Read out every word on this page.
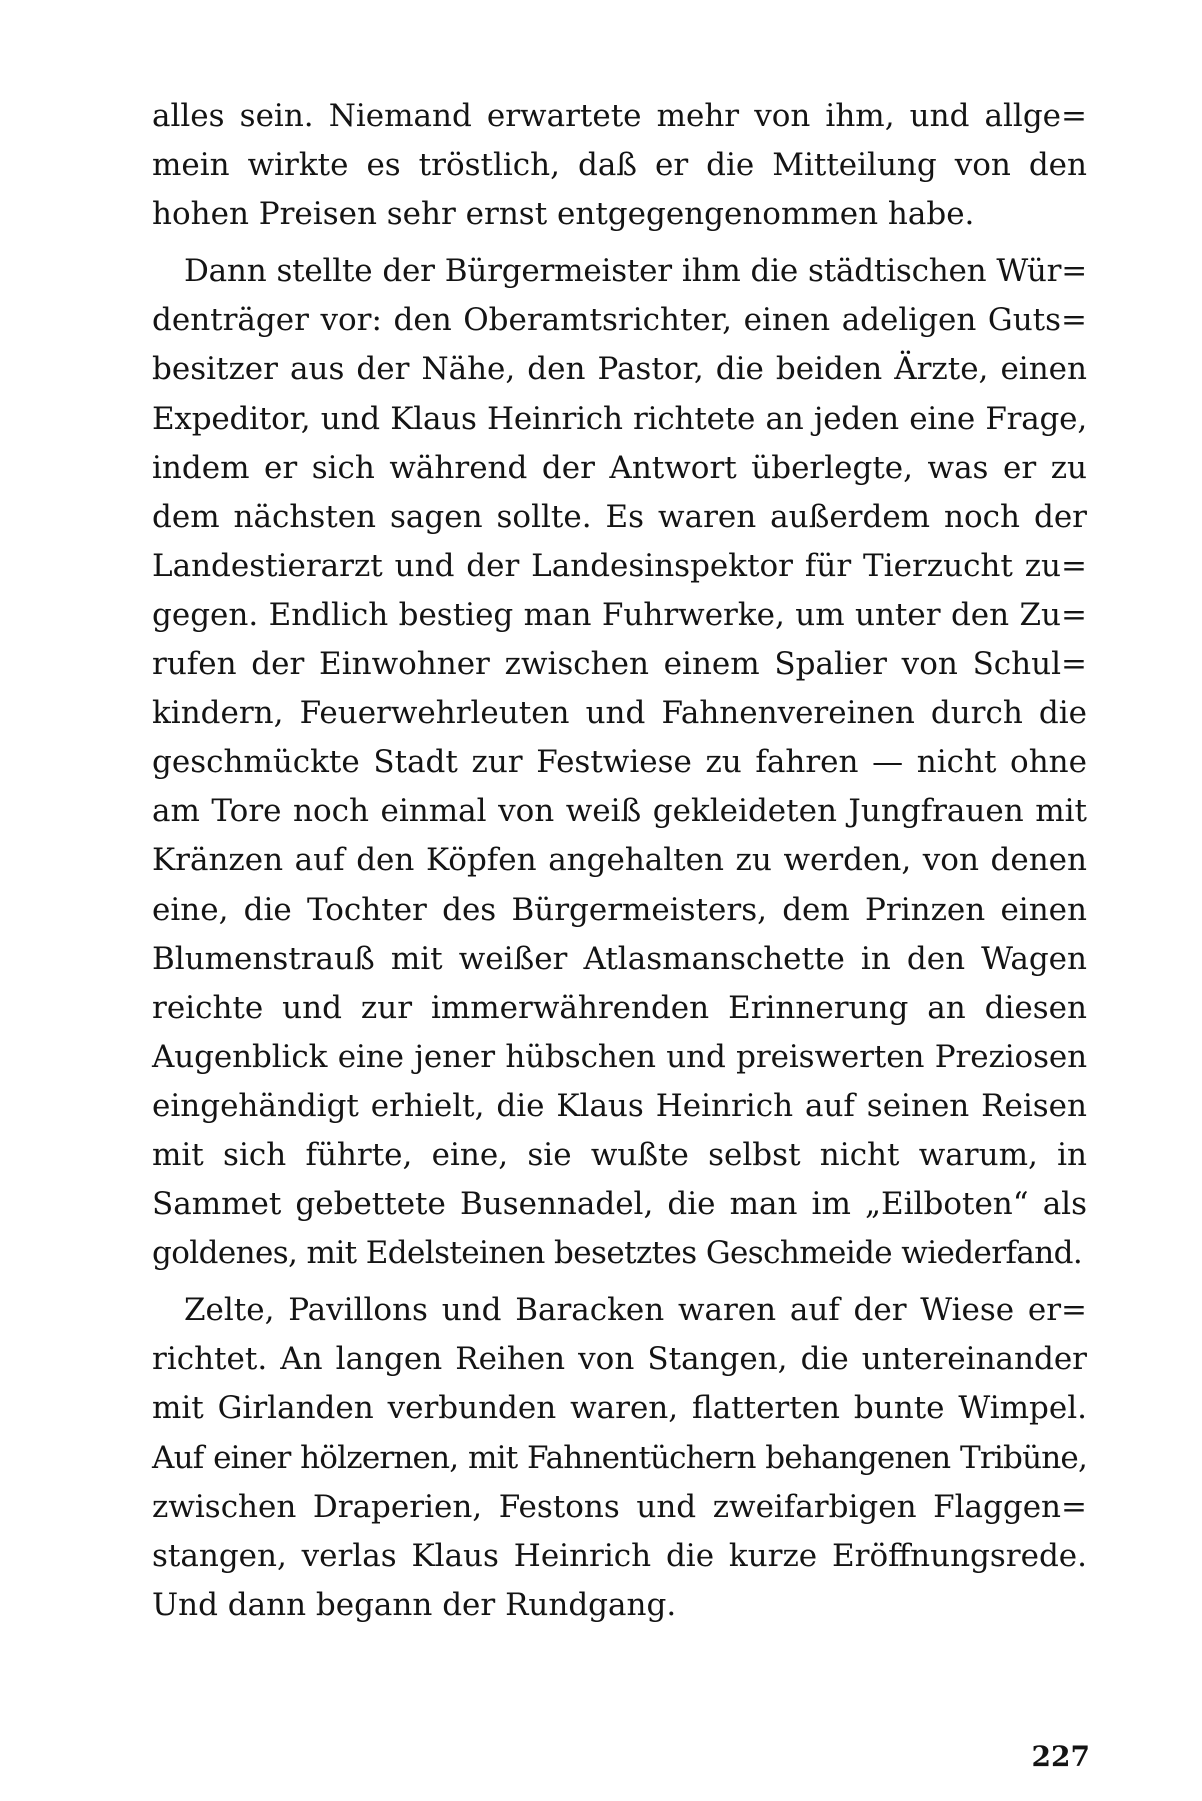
alles sein. Niemand erwartete mehr von ihm, und allge=
mein wirkte es tröstlich, daß er die Mitteilung von den
hohen Preisen sehr ernst entgegengenommen habe.
Dann stellte der Bürgermeister ihm die städtischen Wür=
denträger vor: den Oberamtsrichter, einen adeligen Guts=
besitzer aus der Nähe, den Pastor, die beiden Ärzte, einen
Expeditor, und Klaus Heinrich richtete an jeden eine Frage,
indem er sich während der Antwort überlegte, was er zu
dem nächsten sagen sollte. Es waren außerdem noch der
Landestierarzt und der Landesinspektor für Tierzucht zu=
gegen. Endlich bestieg man Fuhrwerke, um unter den Zu=
rufen der Einwohner zwischen einem Spalier von Schul=
kindern, Feuerwehrleuten und Fahnenvereinen durch die
geschmückte Stadt zur Festwiese zu fahren — nicht ohne
am Tore noch einmal von weiß gekleideten Jungfrauen mit
Kränzen auf den Köpfen angehalten zu werden, von denen
eine, die Tochter des Bürgermeisters, dem Prinzen einen
Blumenstrauß mit weißer Atlasmanschette in den Wagen
reichte und zur immerwährenden Erinnerung an diesen
Augenblick eine jener hübschen und preiswerten Preziosen
eingehändigt erhielt, die Klaus Heinrich auf seinen Reisen
mit sich führte, eine, sie wußte selbst nicht warum, in
Sammet gebettete Busennadel, die man im „Eilboten“ als
goldenes, mit Edelsteinen besetztes Geschmeide wiederfand.
Zelte, Pavillons und Baracken waren auf der Wiese er=
richtet. An langen Reihen von Stangen, die untereinander
mit Girlanden verbunden waren, flatterten bunte Wimpel.
Auf einer hölzernen, mit Fahnentüchern behangenen Tribüne,
zwischen Draperien, Festons und zweifarbigen Flaggen=
stangen, verlas Klaus Heinrich die kurze Eröffnungsrede.
Und dann begann der Rundgang.
227
